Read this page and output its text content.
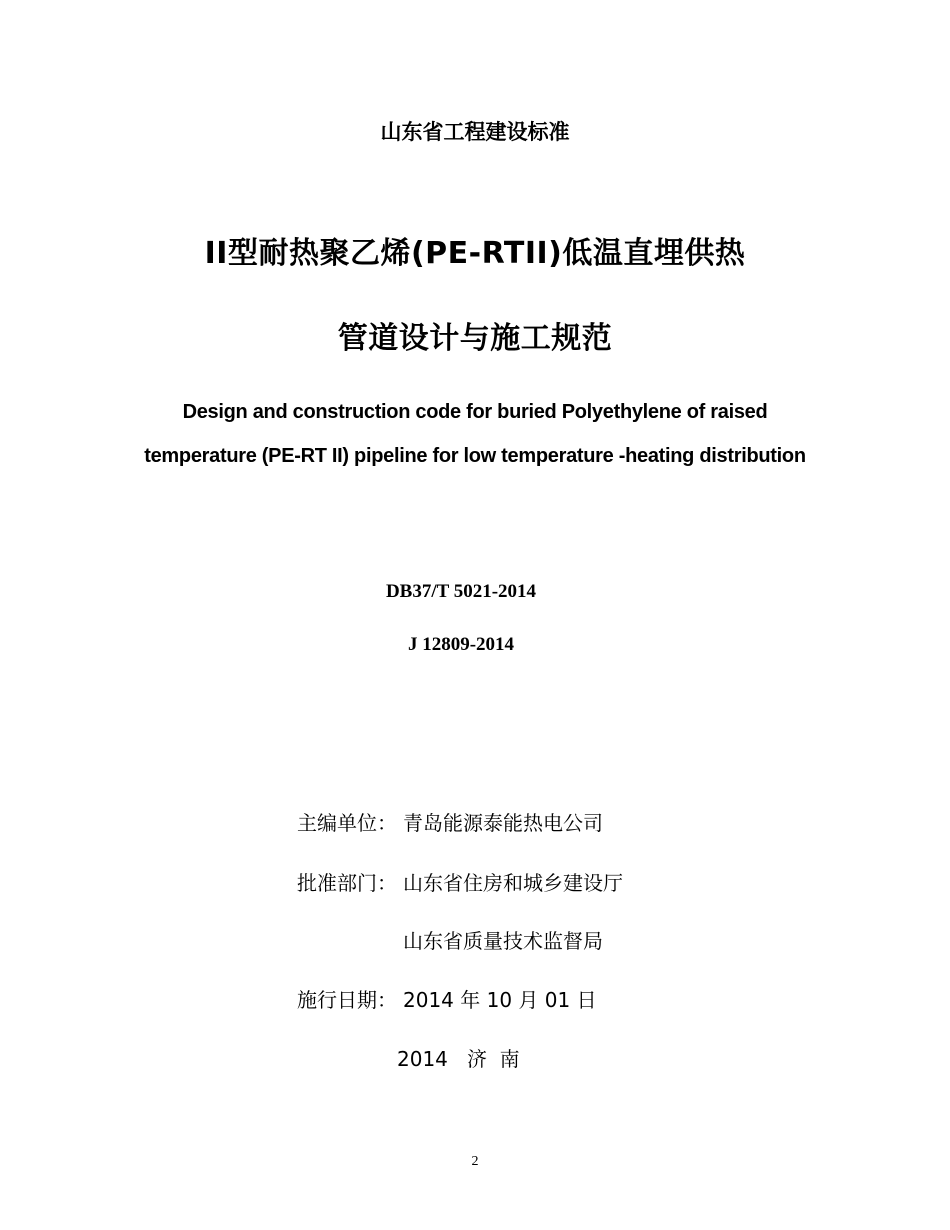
山东省工程建设标准
II型耐热聚乙烯(PE-RTII)低温直埋供热
管道设计与施工规范
Design and construction code for buried Polyethylene of raised
temperature (PE-RT II) pipeline for low temperature -heating distribution
DB37/T 5021-2014
J 12809-2014
主编单位： 青岛能源泰能热电公司
批准部门： 山东省住房和城乡建设厅
山东省质量技术监督局
施行日期： 2014 年 10 月 01 日
2014   济  南
2
